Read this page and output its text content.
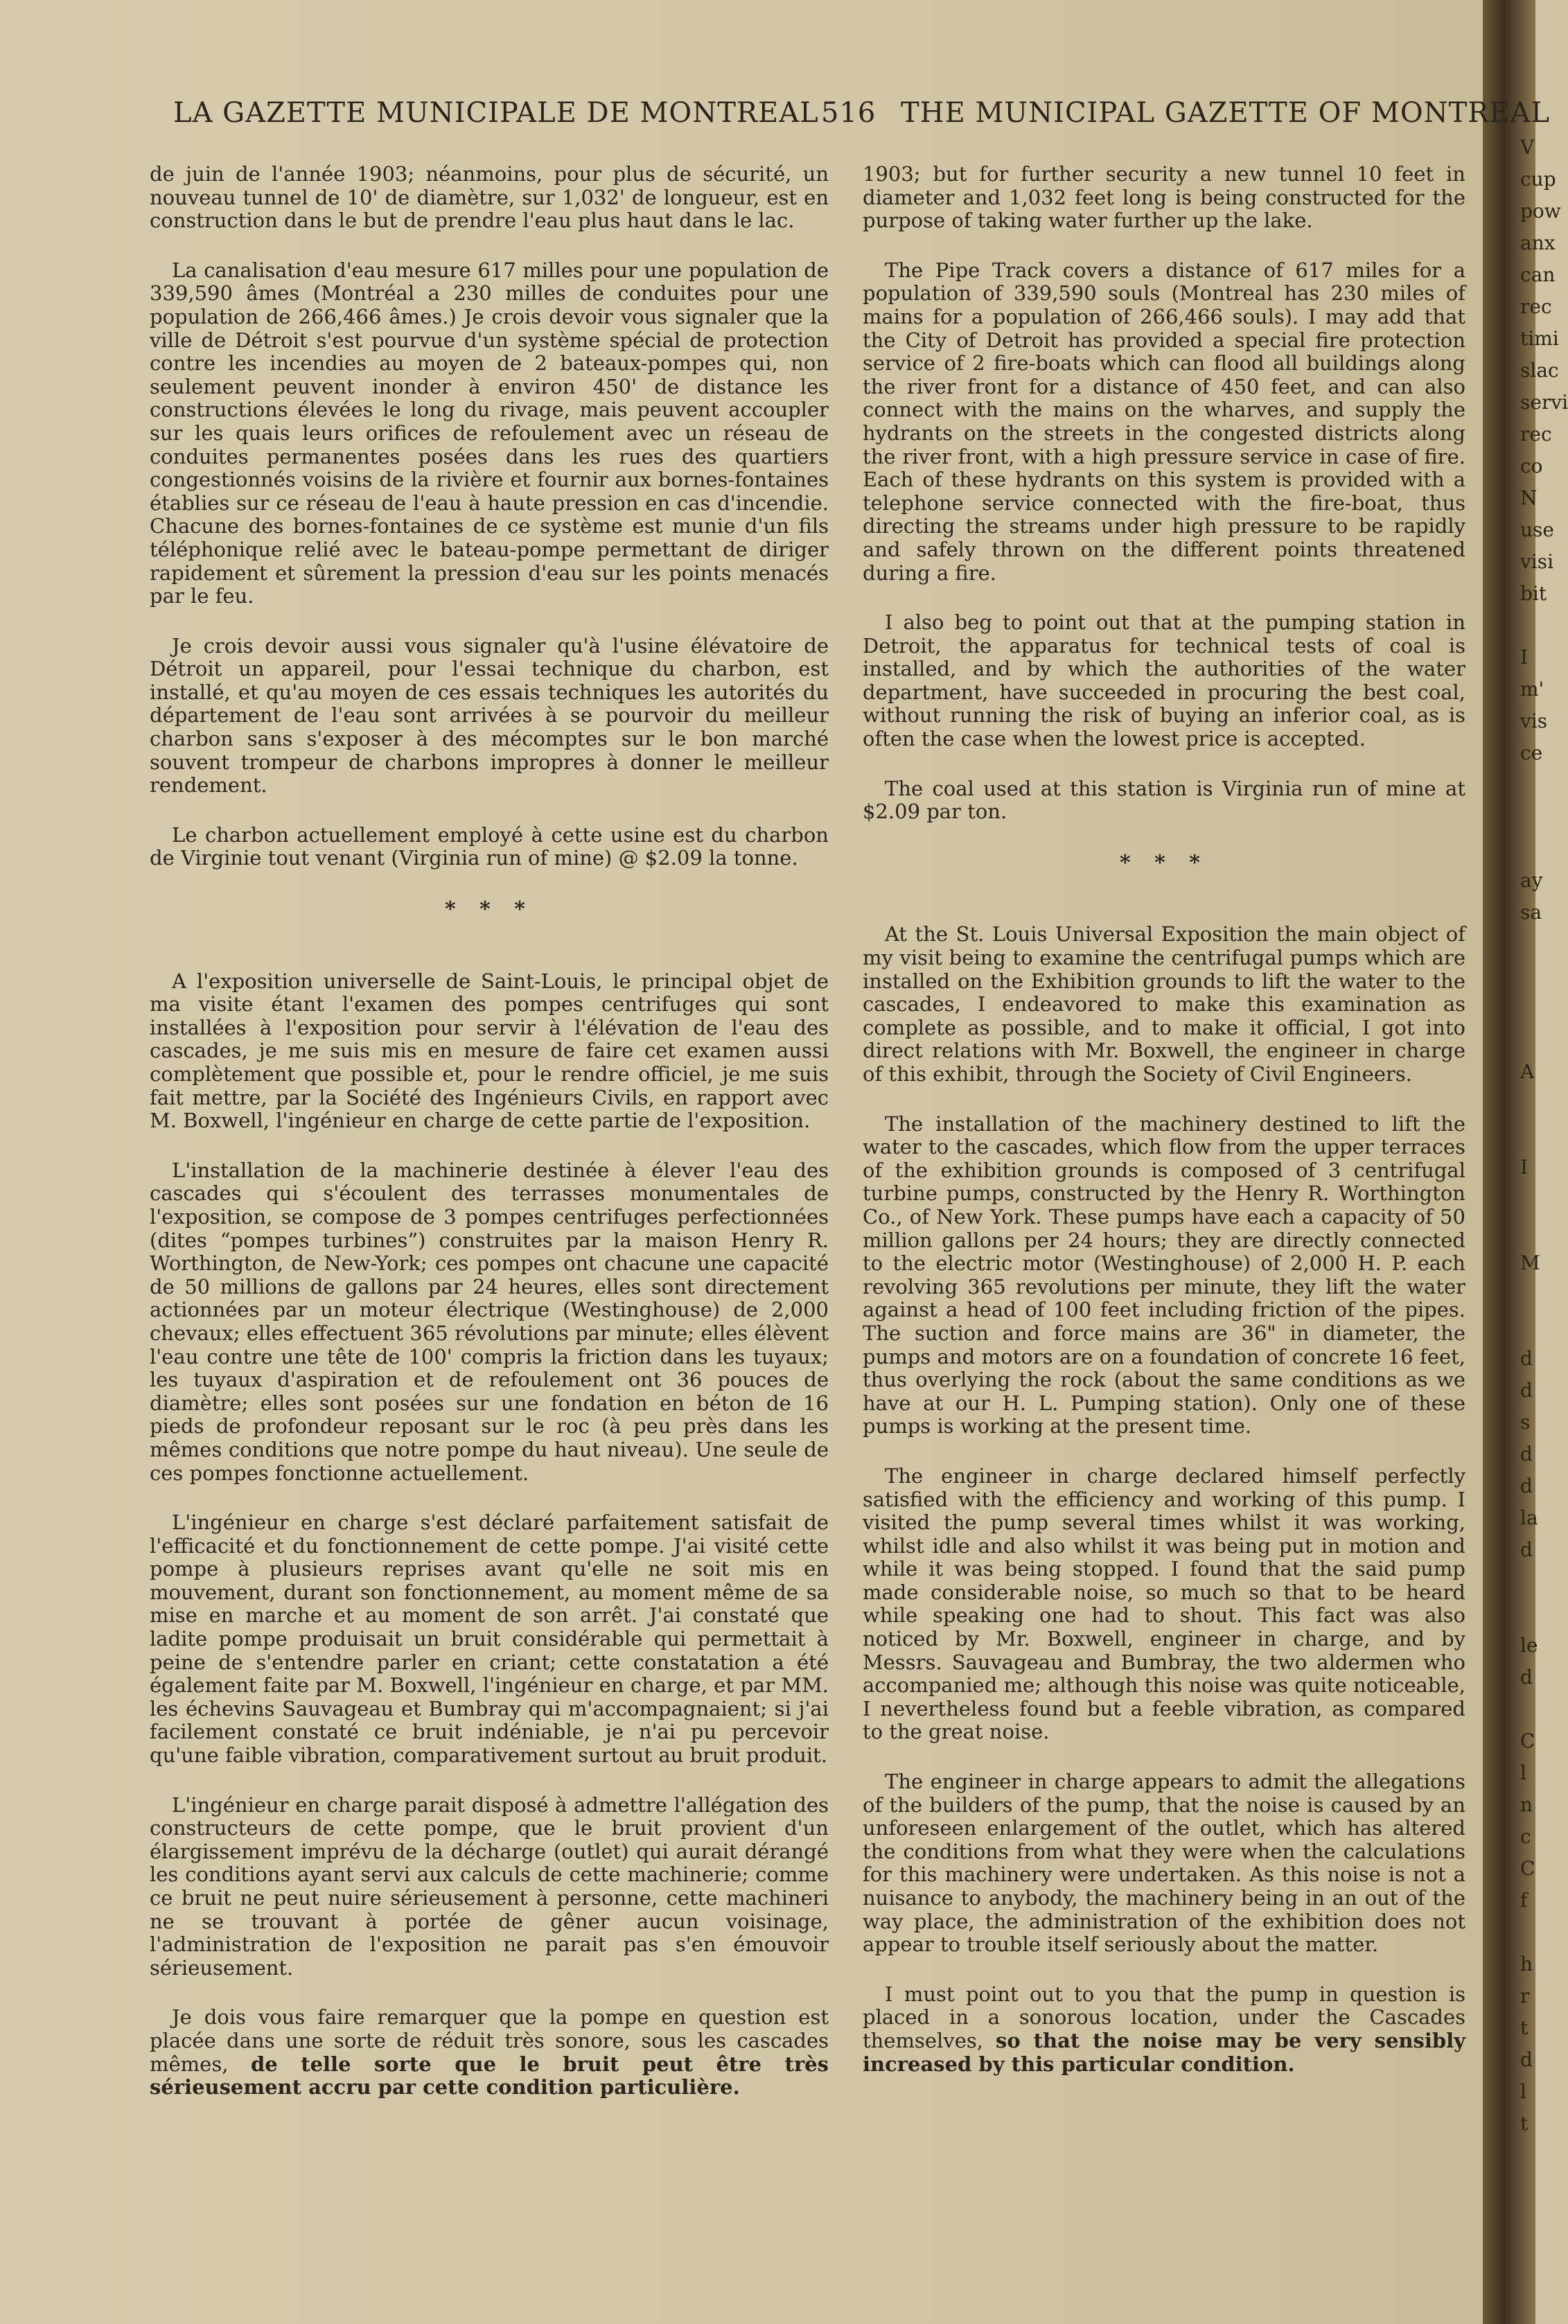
V
cup
pow
anx
can
rec
timi
slac
servi
rec
co
N
use
visi
bit

I
m'
vis
ce

ay
sa

A

I

M

d
d
s
d
d
la
d

le
d

C
l
n
c
C
f

h
r
t
d
l
t
LA GAZETTE MUNICIPALE DE MONTREAL 516 THE MUNICIPAL GAZETTE OF MONTREAL

de juin de l'année 1903; néanmoins, pour plus de sécurité, un nouveau tunnel de 10' de diamètre, sur 1,032' de longueur, est en construction dans le but de prendre l'eau plus haut dans le lac.

La canalisation d'eau mesure 617 milles pour une population de 339,590 âmes (Montréal a 230 milles de conduites pour une population de 266,466 âmes.) Je crois devoir vous signaler que la ville de Détroit s'est pourvue d'un système spécial de protection contre les incendies au moyen de 2 bateaux-pompes qui, non seulement peuvent inonder à environ 450' de distance les constructions élevées le long du rivage, mais peuvent accoupler sur les quais leurs orifices de refoulement avec un réseau de conduites permanentes posées dans les rues des quartiers congestionnés voisins de la rivière et fournir aux bornes-fontaines établies sur ce réseau de l'eau à haute pression en cas d'incendie. Chacune des bornes-fontaines de ce système est munie d'un fils téléphonique relié avec le bateau-pompe permettant de diriger rapidement et sûrement la pression d'eau sur les points menacés par le feu.

Je crois devoir aussi vous signaler qu'à l'usine élévatoire de Détroit un appareil, pour l'essai technique du charbon, est installé, et qu'au moyen de ces essais techniques les autorités du département de l'eau sont arrivées à se pourvoir du meilleur charbon sans s'exposer à des mécomptes sur le bon marché souvent trompeur de charbons impropres à donner le meilleur rendement.

Le charbon actuellement employé à cette usine est du charbon de Virginie tout venant (Virginia run of mine) @ $2.09 la tonne.

* * *

A l'exposition universelle de Saint-Louis, le principal objet de ma visite étant l'examen des pompes centrifuges qui sont installées à l'exposition pour servir à l'élévation de l'eau des cascades, je me suis mis en mesure de faire cet examen aussi complètement que possible et, pour le rendre officiel, je me suis fait mettre, par la Société des Ingénieurs Civils, en rapport avec M. Boxwell, l'ingénieur en charge de cette partie de l'exposition.

L'installation de la machinerie destinée à élever l'eau des cascades qui s'écoulent des terrasses monumentales de l'exposition, se compose de 3 pompes centrifuges perfectionnées (dites “pompes turbines”) construites par la maison Henry R. Worthington, de New-York; ces pompes ont chacune une capacité de 50 millions de gallons par 24 heures, elles sont directement actionnées par un moteur électrique (Westinghouse) de 2,000 chevaux; elles effectuent 365 révolutions par minute; elles élèvent l'eau contre une tête de 100' compris la friction dans les tuyaux; les tuyaux d'aspiration et de refoulement ont 36 pouces de diamètre; elles sont posées sur une fondation en béton de 16 pieds de profondeur reposant sur le roc (à peu près dans les mêmes conditions que notre pompe du haut niveau). Une seule de ces pompes fonctionne actuellement.

L'ingénieur en charge s'est déclaré parfaitement satisfait de l'efficacité et du fonctionnement de cette pompe. J'ai visité cette pompe à plusieurs reprises avant qu'elle ne soit mis en mouvement, durant son fonctionnement, au moment même de sa mise en marche et au moment de son arrêt. J'ai constaté que ladite pompe produisait un bruit considérable qui permettait à peine de s'entendre parler en criant; cette constatation a été également faite par M. Boxwell, l'ingénieur en charge, et par MM. les échevins Sauvageau et Bumbray qui m'accompagnaient; si j'ai facilement constaté ce bruit indéniable, je n'ai pu percevoir qu'une faible vibration, comparativement surtout au bruit produit.

L'ingénieur en charge parait disposé à admettre l'allégation des constructeurs de cette pompe, que le bruit provient d'un élargissement imprévu de la décharge (outlet) qui aurait dérangé les conditions ayant servi aux calculs de cette machinerie; comme ce bruit ne peut nuire sérieusement à personne, cette machineri ne se trouvant à portée de gêner aucun voisinage, l'administration de l'exposition ne parait pas s'en émouvoir sérieusement.

Je dois vous faire remarquer que la pompe en question est placée dans une sorte de réduit très sonore, sous les cascades mêmes, de telle sorte que le bruit peut être très sérieusement accru par cette condition particulière.

1903; but for further security a new tunnel 10 feet in diameter and 1,032 feet long is being constructed for the purpose of taking water further up the lake.

The Pipe Track covers a distance of 617 miles for a population of 339,590 souls (Montreal has 230 miles of mains for a population of 266,466 souls). I may add that the City of Detroit has provided a special fire protection service of 2 fire-boats which can flood all buildings along the river front for a distance of 450 feet, and can also connect with the mains on the wharves, and supply the hydrants on the streets in the congested districts along the river front, with a high pressure service in case of fire. Each of these hydrants on this system is provided with a telephone service connected with the fire-boat, thus directing the streams under high pressure to be rapidly and safely thrown on the different points threatened during a fire.

I also beg to point out that at the pumping station in Detroit, the apparatus for technical tests of coal is installed, and by which the authorities of the water department, have succeeded in procuring the best coal, without running the risk of buying an inferior coal, as is often the case when the lowest price is accepted.

The coal used at this station is Virginia run of mine at $2.09 par ton.

* * *

At the St. Louis Universal Exposition the main object of my visit being to examine the centrifugal pumps which are installed on the Exhibition grounds to lift the water to the cascades, I endeavored to make this examination as complete as possible, and to make it official, I got into direct relations with Mr. Boxwell, the engineer in charge of this exhibit, through the Society of Civil Engineers.

The installation of the machinery destined to lift the water to the cascades, which flow from the upper terraces of the exhibition grounds is composed of 3 centrifugal turbine pumps, constructed by the Henry R. Worthington Co., of New York. These pumps have each a capacity of 50 million gallons per 24 hours; they are directly connected to the electric motor (Westinghouse) of 2,000 H. P. each revolving 365 revolutions per minute, they lift the water against a head of 100 feet including friction of the pipes. The suction and force mains are 36" in diameter, the pumps and motors are on a foundation of concrete 16 feet, thus overlying the rock (about the same conditions as we have at our H. L. Pumping station). Only one of these pumps is working at the present time.

The engineer in charge declared himself perfectly satisfied with the efficiency and working of this pump. I visited the pump several times whilst it was working, whilst idle and also whilst it was being put in motion and while it was being stopped. I found that the said pump made considerable noise, so much so that to be heard while speaking one had to shout. This fact was also noticed by Mr. Boxwell, engineer in charge, and by Messrs. Sauvageau and Bumbray, the two aldermen who accompanied me; although this noise was quite noticeable, I nevertheless found but a feeble vibration, as compared to the great noise.

The engineer in charge appears to admit the allegations of the builders of the pump, that the noise is caused by an unforeseen enlargement of the outlet, which has altered the conditions from what they were when the calculations for this machinery were undertaken. As this noise is not a nuisance to anybody, the machinery being in an out of the way place, the administration of the exhibition does not appear to trouble itself seriously about the matter.

I must point out to you that the pump in question is placed in a sonorous location, under the Cascades themselves, so that the noise may be very sensibly increased by this particular condition.
